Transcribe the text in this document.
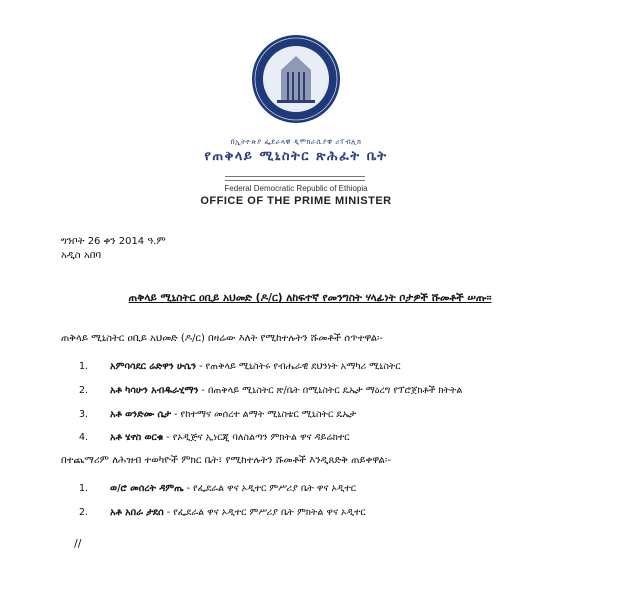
በኢትዮጵያ ፌደራላዊ ዲሞክራሲያዊ ሪፐብሊክ
የጠቅላይ ሚኒስትር ጽሕፈት ቤት
Federal Democratic Republic of Ethiopia
OFFICE OF THE PRIME MINISTER
ግንቦት 26 ቀን 2014 ዓ.ም
አዲስ አበባ
ጠቅላይ ሚኒስትር ዐቢይ አህመድ (ዶ/ር) ለከፍተኛ የመንግስት ሃላፊነት ቦታዎች ሹመቶች ሠጡ፡፡
ጠቅላይ ሚኒስትር ዐቢይ አህመድ (ዶ/ር) በዛሬው እለት የሚከተሉትን ሹመቶች ሰጥተዋል፡-
1. አምባሳደር ሬድዋን ሁሴን - የጠቅላይ ሚኒስትሩ የብሔራዊ ደህንነት አማካሪ ሚኒስትር
2. አቶ ካሳሁን አብዱራሂማን - በጠቅላይ ሚኒስትር ጽ/ቤት በሚኒስትር ዴኤታ ማዕረግ የፕሮጀክቶች ክትትል
3. አቶ ወንድሙ ሴታ - የከተማና መሰረተ ልማት ሚኒስቴር ሚኒስትር ዴኤታ
4. አቶ ሄኖስ ወርቁ - የኦዲጅና ኢነርጂ ባለስልጣን ምክትል ዋና ዳይሬክተር
በተጨማሪም ለሕዝብ ተወካዮች ምክር ቤት፣ የሚከተሉትን ሹመቶች እንዲጸድቅ ጠይቀዋል፡-
1. ወ/ሮ መሰረት ዳምጤ - የፌደራል ዋና ኦዲተር ምሥሪያ ቤት ዋና ኦዲተር
2. አቶ አበራ ታደሰ - የፌደራል ዋና ኦዲተር ምሥሪያ ቤት ምክትል ዋና ኦዲተር
//
